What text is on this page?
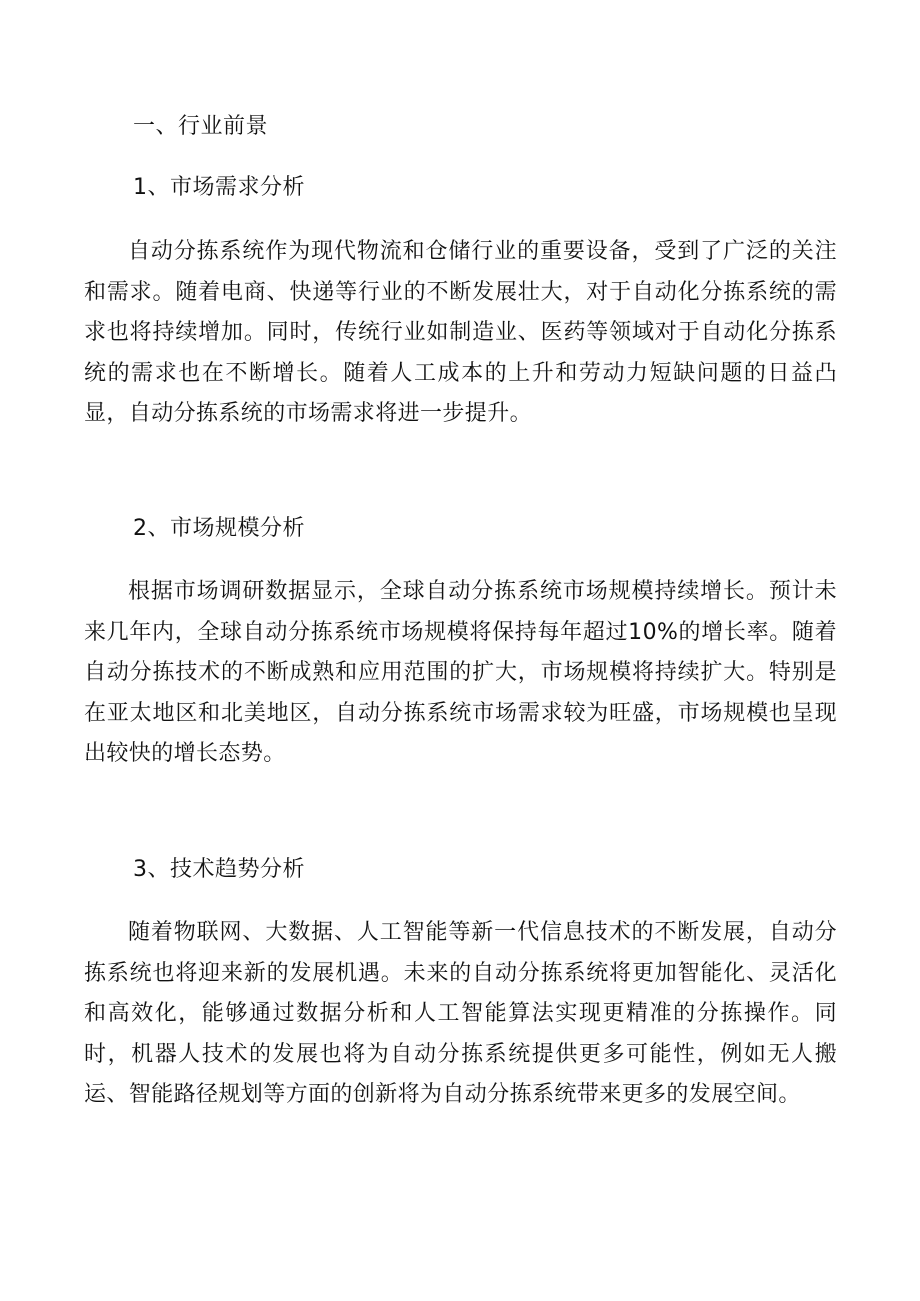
一、行业前景
1、市场需求分析

自动分拣系统作为现代物流和仓储行业的重要设备，受到了广泛的关注和需求。随着电商、快递等行业的不断发展壮大，对于自动化分拣系统的需求也将持续增加。同时，传统行业如制造业、医药等领域对于自动化分拣系统的需求也在不断增长。随着人工成本的上升和劳动力短缺问题的日益凸显，自动分拣系统的市场需求将进一步提升。

2、市场规模分析

根据市场调研数据显示，全球自动分拣系统市场规模持续增长。预计未来几年内，全球自动分拣系统市场规模将保持每年超过10%的增长率。随着自动分拣技术的不断成熟和应用范围的扩大，市场规模将持续扩大。特别是在亚太地区和北美地区，自动分拣系统市场需求较为旺盛，市场规模也呈现出较快的增长态势。

3、技术趋势分析

随着物联网、大数据、人工智能等新一代信息技术的不断发展，自动分拣系统也将迎来新的发展机遇。未来的自动分拣系统将更加智能化、灵活化和高效化，能够通过数据分析和人工智能算法实现更精准的分拣操作。同时，机器人技术的发展也将为自动分拣系统提供更多可能性，例如无人搬运、智能路径规划等方面的创新将为自动分拣系统带来更多的发展空间。
